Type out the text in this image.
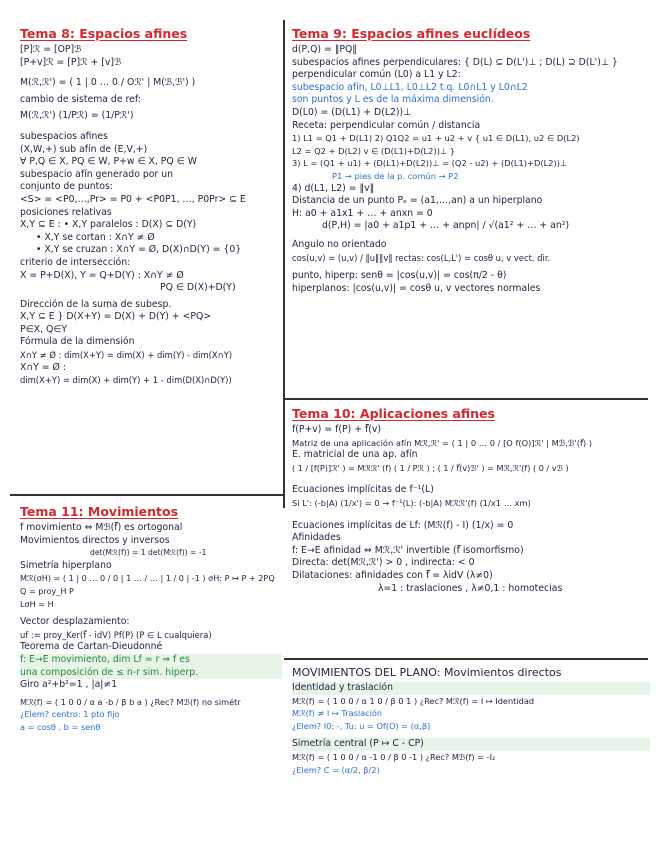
Tema 8: Espacios afines
[P]ℛ = [OP]ℬ
[P+v]ℛ = [P]ℛ + [v]ℬ
M(ℛ,ℛ') = ( 1 | 0 … 0 / Oℛ' | M(ℬ,ℬ') )
cambio de sistema de ref:
M(ℛ,ℛ') (1/Pℛ) = (1/Pℛ')
subespacios afines
(X,W,+) sub afín de (E,V,+)
∀ P,Q ∈ X, PQ ∈ W, P+w ∈ X, PQ ∈ W
subespacio afín generado por un
conjunto de puntos:
<S> = <P0,…,Pr> = P0 + <P0P1, …, P0Pr> ⊆ E
posiciones relativas
X,Y ⊆ E : • X,Y paralelos : D(X) ⊆ D(Y)
• X,Y se cortan : X∩Y ≠ Ø
• X,Y se cruzan : X∩Y = Ø, D(X)∩D(Y) = {0}
criterio de intersección:
X = P+D(X), Y = Q+D(Y) : X∩Y ≠ Ø
PQ ∈ D(X)+D(Y)
Dirección de la suma de subesp.
X,Y ⊆ E } D(X+Y) = D(X) + D(Y) + <PQ>
P∈X, Q∈Y
Fórmula de la dimensión
X∩Y ≠ Ø : dim(X+Y) = dim(X) + dim(Y) - dim(X∩Y)
X∩Y = Ø :
dim(X+Y) = dim(X) + dim(Y) + 1 - dim(D(X)∩D(Y))
Tema 9: Espacios afines euclídeos
d(P,Q) = ‖PQ‖
subespacios afines perpendiculares: { D(L) ⊆ D(L')⊥ ; D(L) ⊇ D(L')⊥ }
perpendicular común (L0) a L1 y L2:
subespacio afín, L0⊥L1, L0⊥L2 t.q. L0∩L1 y L0∩L2
son puntos y L es de la máxima dimensión.
D(L0) = (D(L1) + D(L2))⊥
Receta: perpendicular común / distancia
1) L1 = Q1 + D(L1) 2) Q1Q2 = u1 + u2 + v { u1 ∈ D(L1), u2 ∈ D(L2)
L2 = Q2 + D(L2) v ∈ (D(L1)+D(L2))⊥ }
3) L = (Q1 + u1) + (D(L1)+D(L2))⊥ = (Q2 - u2) + (D(L1)+D(L2))⊥
P1 → pies de la p. común → P2
4) d(L1, L2) = ‖v‖
Distancia de un punto Pₑ = (a1,…,an) a un hiperplano
H: a0 + a1x1 + … + anxn = 0
d(P,H) = |a0 + a1p1 + … + anpn| / √(a1² + … + an²)
Ángulo no orientado
cos(u,v) = (u,v) / ‖u‖‖v‖ rectas: cos(L,L') = cosθ u, v vect. dir.
punto, hiperp: senθ = |cos(u,v)| = cos(π/2 - θ)
hiperplanos: |cos(u,v)| = cosθ u, v vectores normales
Tema 10: Aplicaciones afines
f(P+v) = f(P) + f⃗(v)
Matriz de una aplicación afín Mℛ,ℛ' = ( 1 | 0 … 0 / [O f(O)]ℛ' | Mℬ,ℬ'(f⃗) )
E. matricial de una ap. afín
( 1 / [f(P)]ℛ' ) = Mℛℛ' (f) ( 1 / Pℛ ) ; ( 1 / f⃗(v)ℬ' ) = Mℛ,ℛ'(f) ( 0 / vℬ )
Ecuaciones implícitas de f⁻¹(L)
Si L': (-b|A) (1/x') = 0 → f⁻¹(L): (-b|A) Mℛℛ'(f) (1/x1 … xm)
Ecuaciones implícitas de Lf: (Mℛ(f) - I) (1/x) = 0
Afinidades
f: E→E afinidad ⇔ Mℛ,ℛ' invertible (f⃗ isomorfismo)
Directa: det(Mℛ,ℛ') > 0 , indirecta: < 0
Dilataciones: afinidades con f⃗ = λidV (λ≠0)
λ=1 : traslaciones , λ≠0,1 : homotecias
Tema 11: Movimientos
f movimiento ⇔ Mℬ(f⃗) es ortogonal
Movimientos directos y inversos
det(Mℛ(f)) = 1 det(Mℛ(f)) = -1
Simetría hiperplano
Mℛ(σH) = ( 1 | 0 … 0 / 0 | 1 … / … | 1 / 0 | -1 ) σH: P ↦ P + 2PQ
Q = proy_H P
LσH = H
Vector desplazamiento:
uf := proy_Ker(f⃗ - idV) Pf(P) (P ∈ L cualquiera)
Teorema de Cartan-Dieudonné
f: E→E movimiento, dim Lf = r ⇒ f es
una composición de ≤ n-r sim. hiperp.
Giro a²+b²=1 , |a|≠1
Mℛ(f) = ( 1 0 0 / α a -b / β b a ) ¿Rec? Mℬ(f) no simétr
¿Elem? centro: 1 pto fijo
a = cosθ , b = senθ
MOVIMIENTOS DEL PLANO: Movimientos directos
Identidad y traslación
Mℛ(f) = ( 1 0 0 / α 1 0 / β 0 1 ) ¿Rec? Mℛ(f) = I ↦ Identidad
Mℛ(f) ≠ I ↦ Traslación
¿Elem? I0: -, Tu: u = Of(O) = (α,β)
Simetría central (P ↦ C - CP)
Mℛ(f) = ( 1 0 0 / α -1 0 / β 0 -1 ) ¿Rec? Mℬ(f) = -I₂
¿Elem? C = (α/2, β/2)
